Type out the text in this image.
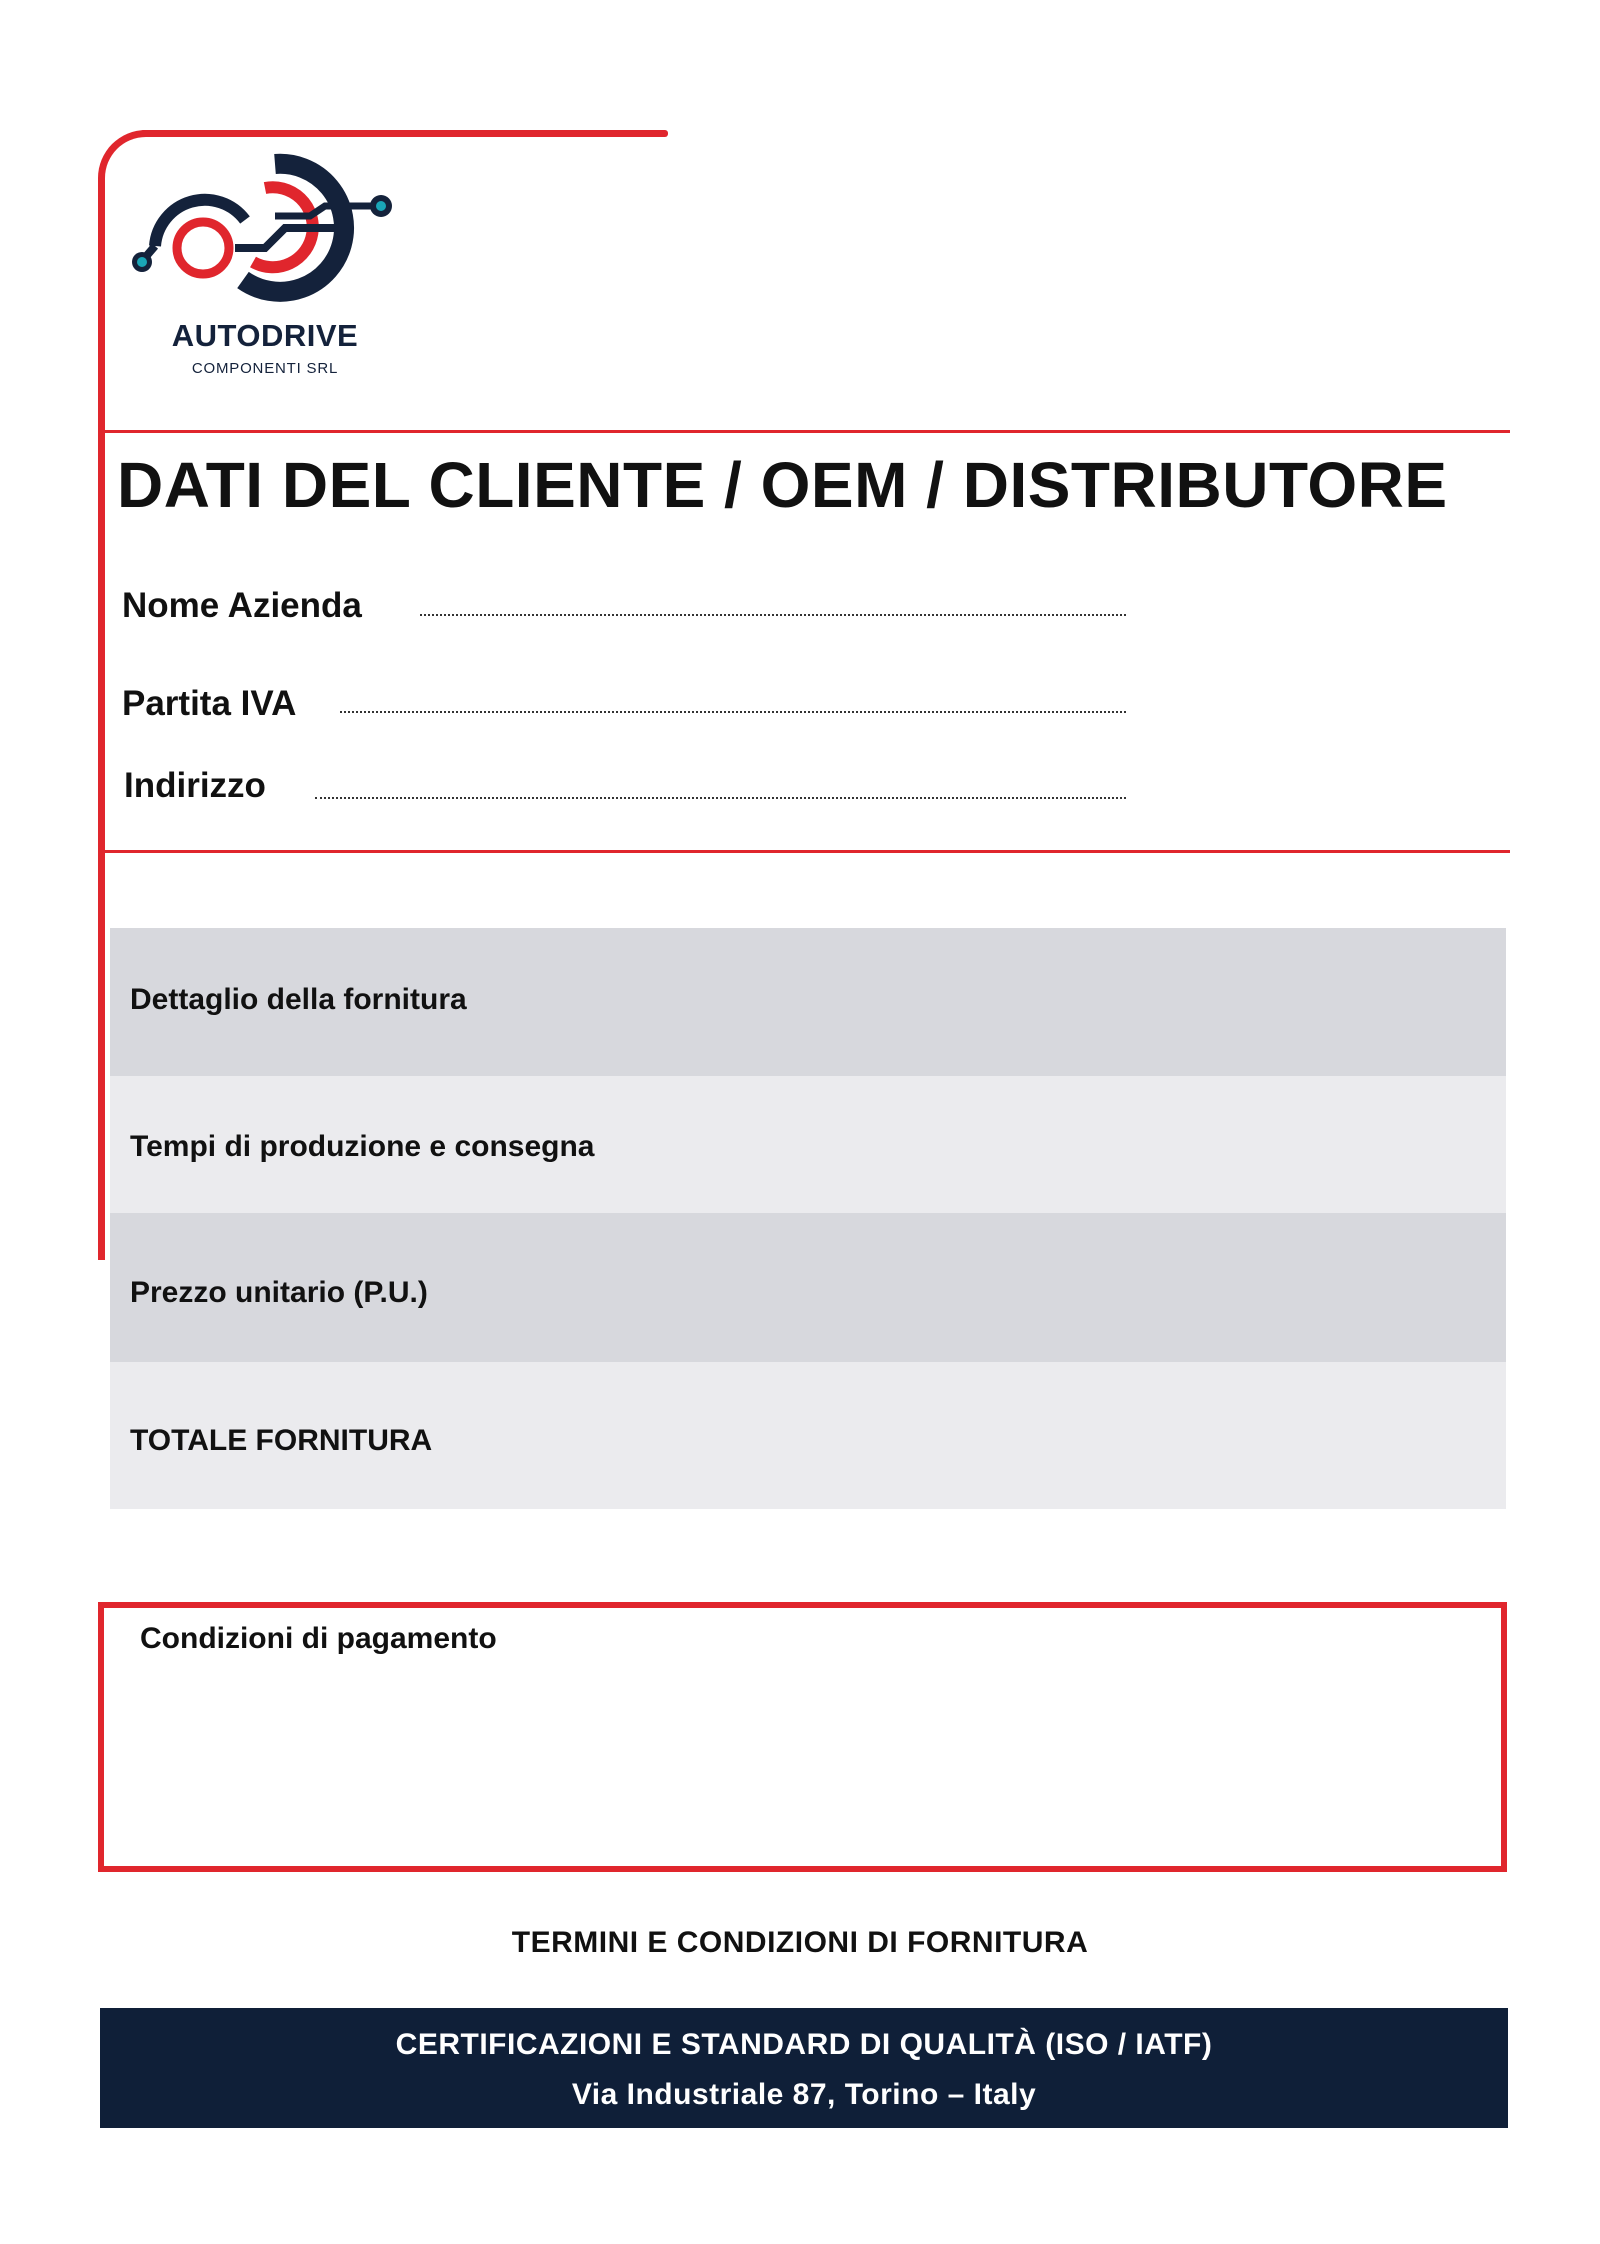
AUTODRIVE
COMPONENTI SRL
DATI DEL CLIENTE / OEM / DISTRIBUTORE
Nome Azienda
Partita IVA
Indirizzo
Dettaglio della fornitura
Tempi di produzione e consegna
Prezzo unitario (P.U.)
TOTALE FORNITURA
Condizioni di pagamento
TERMINI E CONDIZIONI DI FORNITURA
CERTIFICAZIONI E STANDARD DI QUALITÀ (ISO / IATF)
Via Industriale 87, Torino – Italy
